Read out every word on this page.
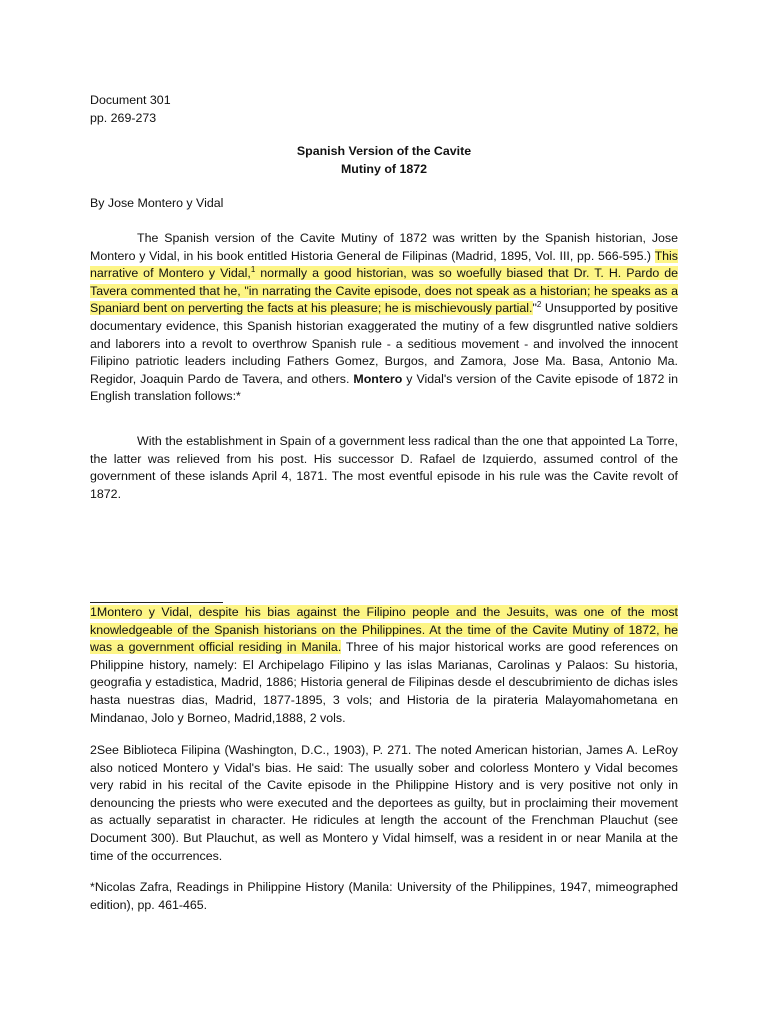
Document 301
pp. 269-273
Spanish Version of the Cavite
Mutiny of 1872
By Jose Montero y Vidal

The Spanish version of the Cavite Mutiny of 1872 was written by the Spanish historian, Jose Montero y Vidal, in his book entitled Historia General de Filipinas (Madrid, 1895, Vol. III, pp. 566-595.) This narrative of Montero y Vidal,$^1$ normally a good historian, was so woefully biased that Dr. T. H. Pardo de Tavera commented that he, "in narrating the Cavite episode, does not speak as a historian; he speaks as a Spaniard bent on perverting the facts at his pleasure; he is mischievously partial."$^2$ Unsupported by positive documentary evidence, this Spanish historian exaggerated the mutiny of a few disgruntled native soldiers and laborers into a revolt to overthrow Spanish rule - a seditious movement - and involved the innocent Filipino patriotic leaders including Fathers Gomez, Burgos, and Zamora, Jose Ma. Basa, Antonio Ma. Regidor, Joaquin Pardo de Tavera, and others. Montero y Vidal's version of the Cavite episode of 1872 in English translation follows:*

With the establishment in Spain of a government less radical than the one that appointed La Torre, the latter was relieved from his post. His successor D. Rafael de Izquierdo, assumed control of the government of these islands April 4, 1871. The most eventful episode in his rule was the Cavite revolt of 1872.

1Montero y Vidal, despite his bias against the Filipino people and the Jesuits, was one of the most knowledgeable of the Spanish historians on the Philippines. At the time of the Cavite Mutiny of 1872, he was a government official residing in Manila. Three of his major historical works are good references on Philippine history, namely: El Archipelago Filipino y las islas Marianas, Carolinas y Palaos: Su historia, geografia y estadistica, Madrid, 1886; Historia general de Filipinas desde el descubrimiento de dichas isles hasta nuestras dias, Madrid, 1877-1895, 3 vols; and Historia de la pirateria Malayomahometana en Mindanao, Jolo y Borneo, Madrid,1888, 2 vols.

2See Biblioteca Filipina (Washington, D.C., 1903), P. 271. The noted American historian, James A. LeRoy also noticed Montero y Vidal's bias. He said: The usually sober and colorless Montero y Vidal becomes very rabid in his recital of the Cavite episode in the Philippine History and is very positive not only in denouncing the priests who were executed and the deportees as guilty, but in proclaiming their movement as actually separatist in character. He ridicules at length the account of the Frenchman Plauchut (see Document 300). But Plauchut, as well as Montero y Vidal himself, was a resident in or near Manila at the time of the occurrences.

*Nicolas Zafra, Readings in Philippine History (Manila: University of the Philippines, 1947, mimeographed edition), pp. 461-465.
